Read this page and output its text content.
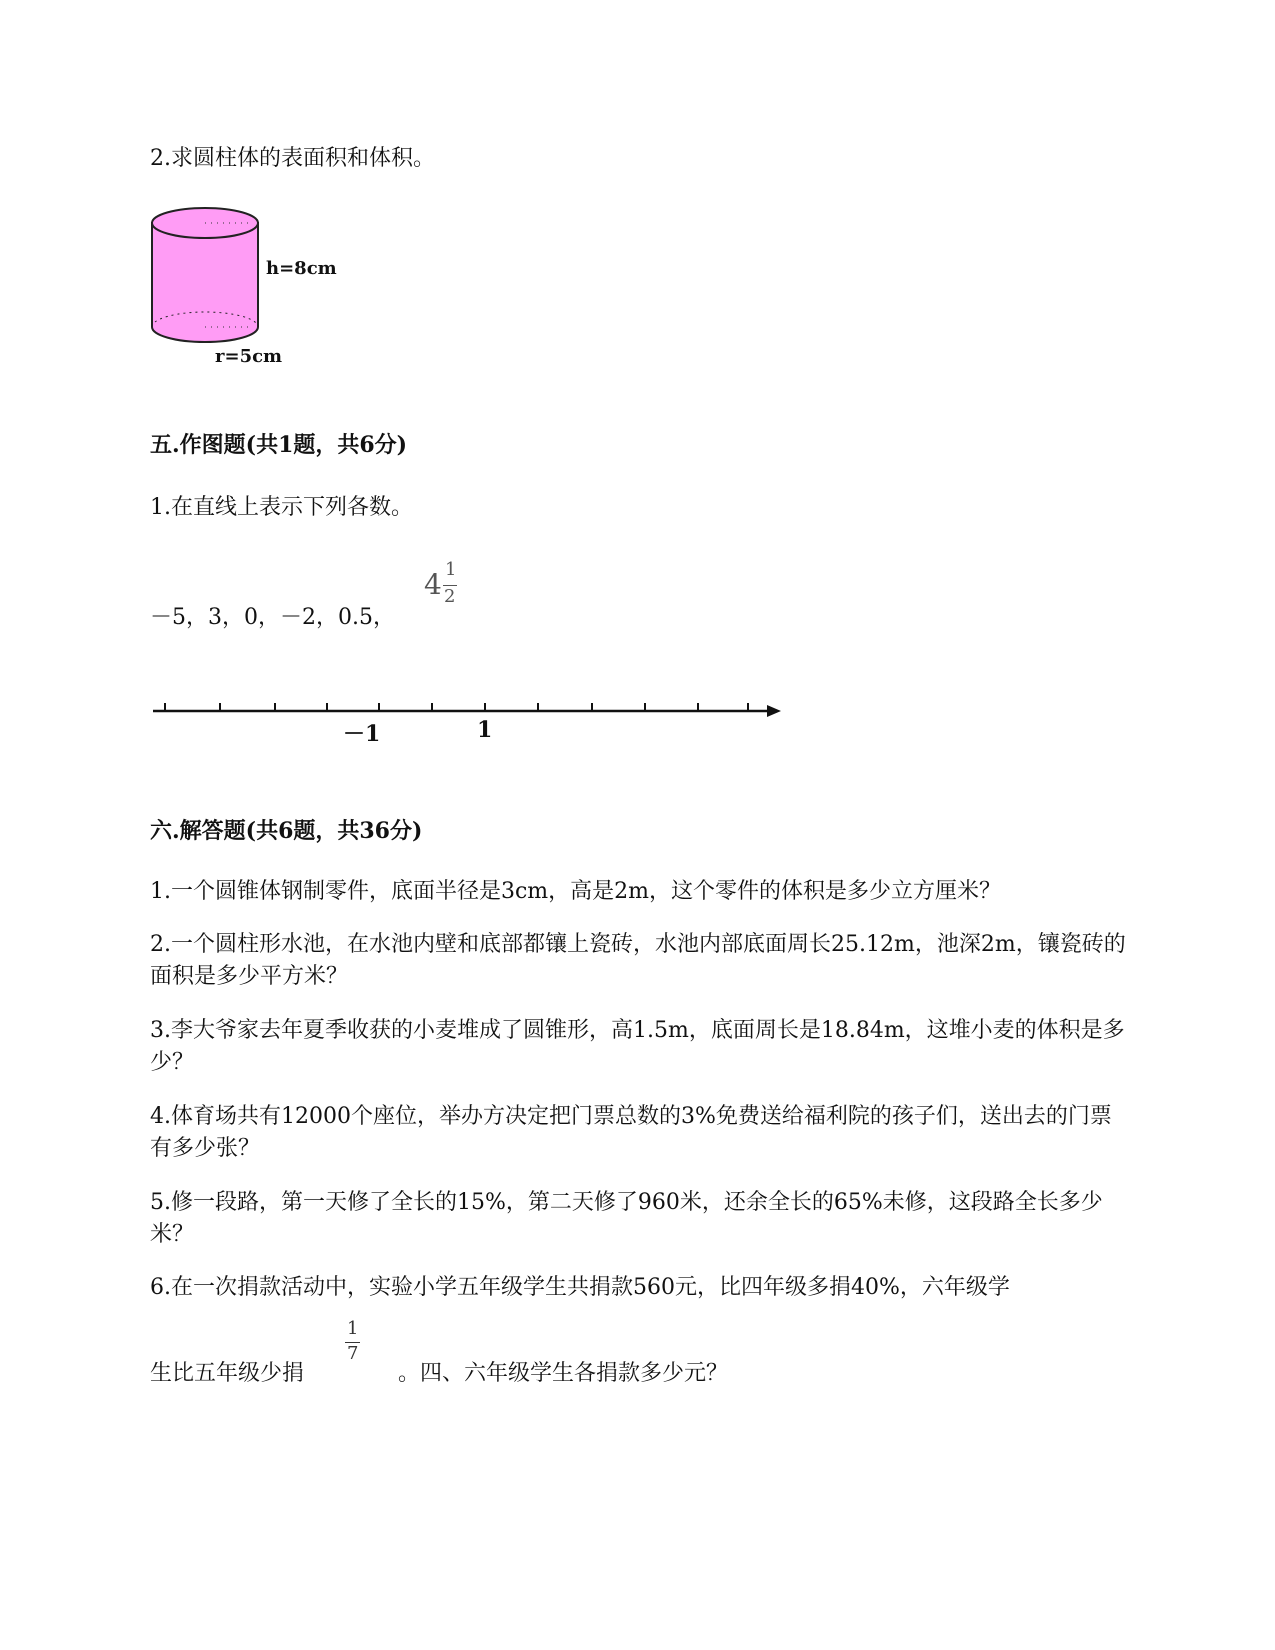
2.求圆柱体的表面积和体积。
h=8cm
r=5cm
五.作图题(共1题，共6分)
1.在直线上表示下列各数。
－5，3，0，－2，0.5，
4 1
2
－1	1
六.解答题(共6题，共36分)
1.一个圆锥体钢制零件，底面半径是3cm，高是2m，这个零件的体积是多少立方厘米？
2.一个圆柱形水池，在水池内壁和底部都镶上瓷砖，水池内部底面周长25.12m，池深2m，镶瓷砖的面积是多少平方米？
3.李大爷家去年夏季收获的小麦堆成了圆锥形，高1.5m，底面周长是18.84m，这堆小麦的体积是多少？
4.体育场共有12000个座位，举办方决定把门票总数的3%免费送给福利院的孩子们，送出去的门票有多少张？
5.修一段路，第一天修了全长的15%，第二天修了960米，还余全长的65%未修，这段路全长多少米？
6.在一次捐款活动中，实验小学五年级学生共捐款560元，比四年级多捐40%，六年级学
生比五年级少捐
1
7
。四、六年级学生各捐款多少元？
